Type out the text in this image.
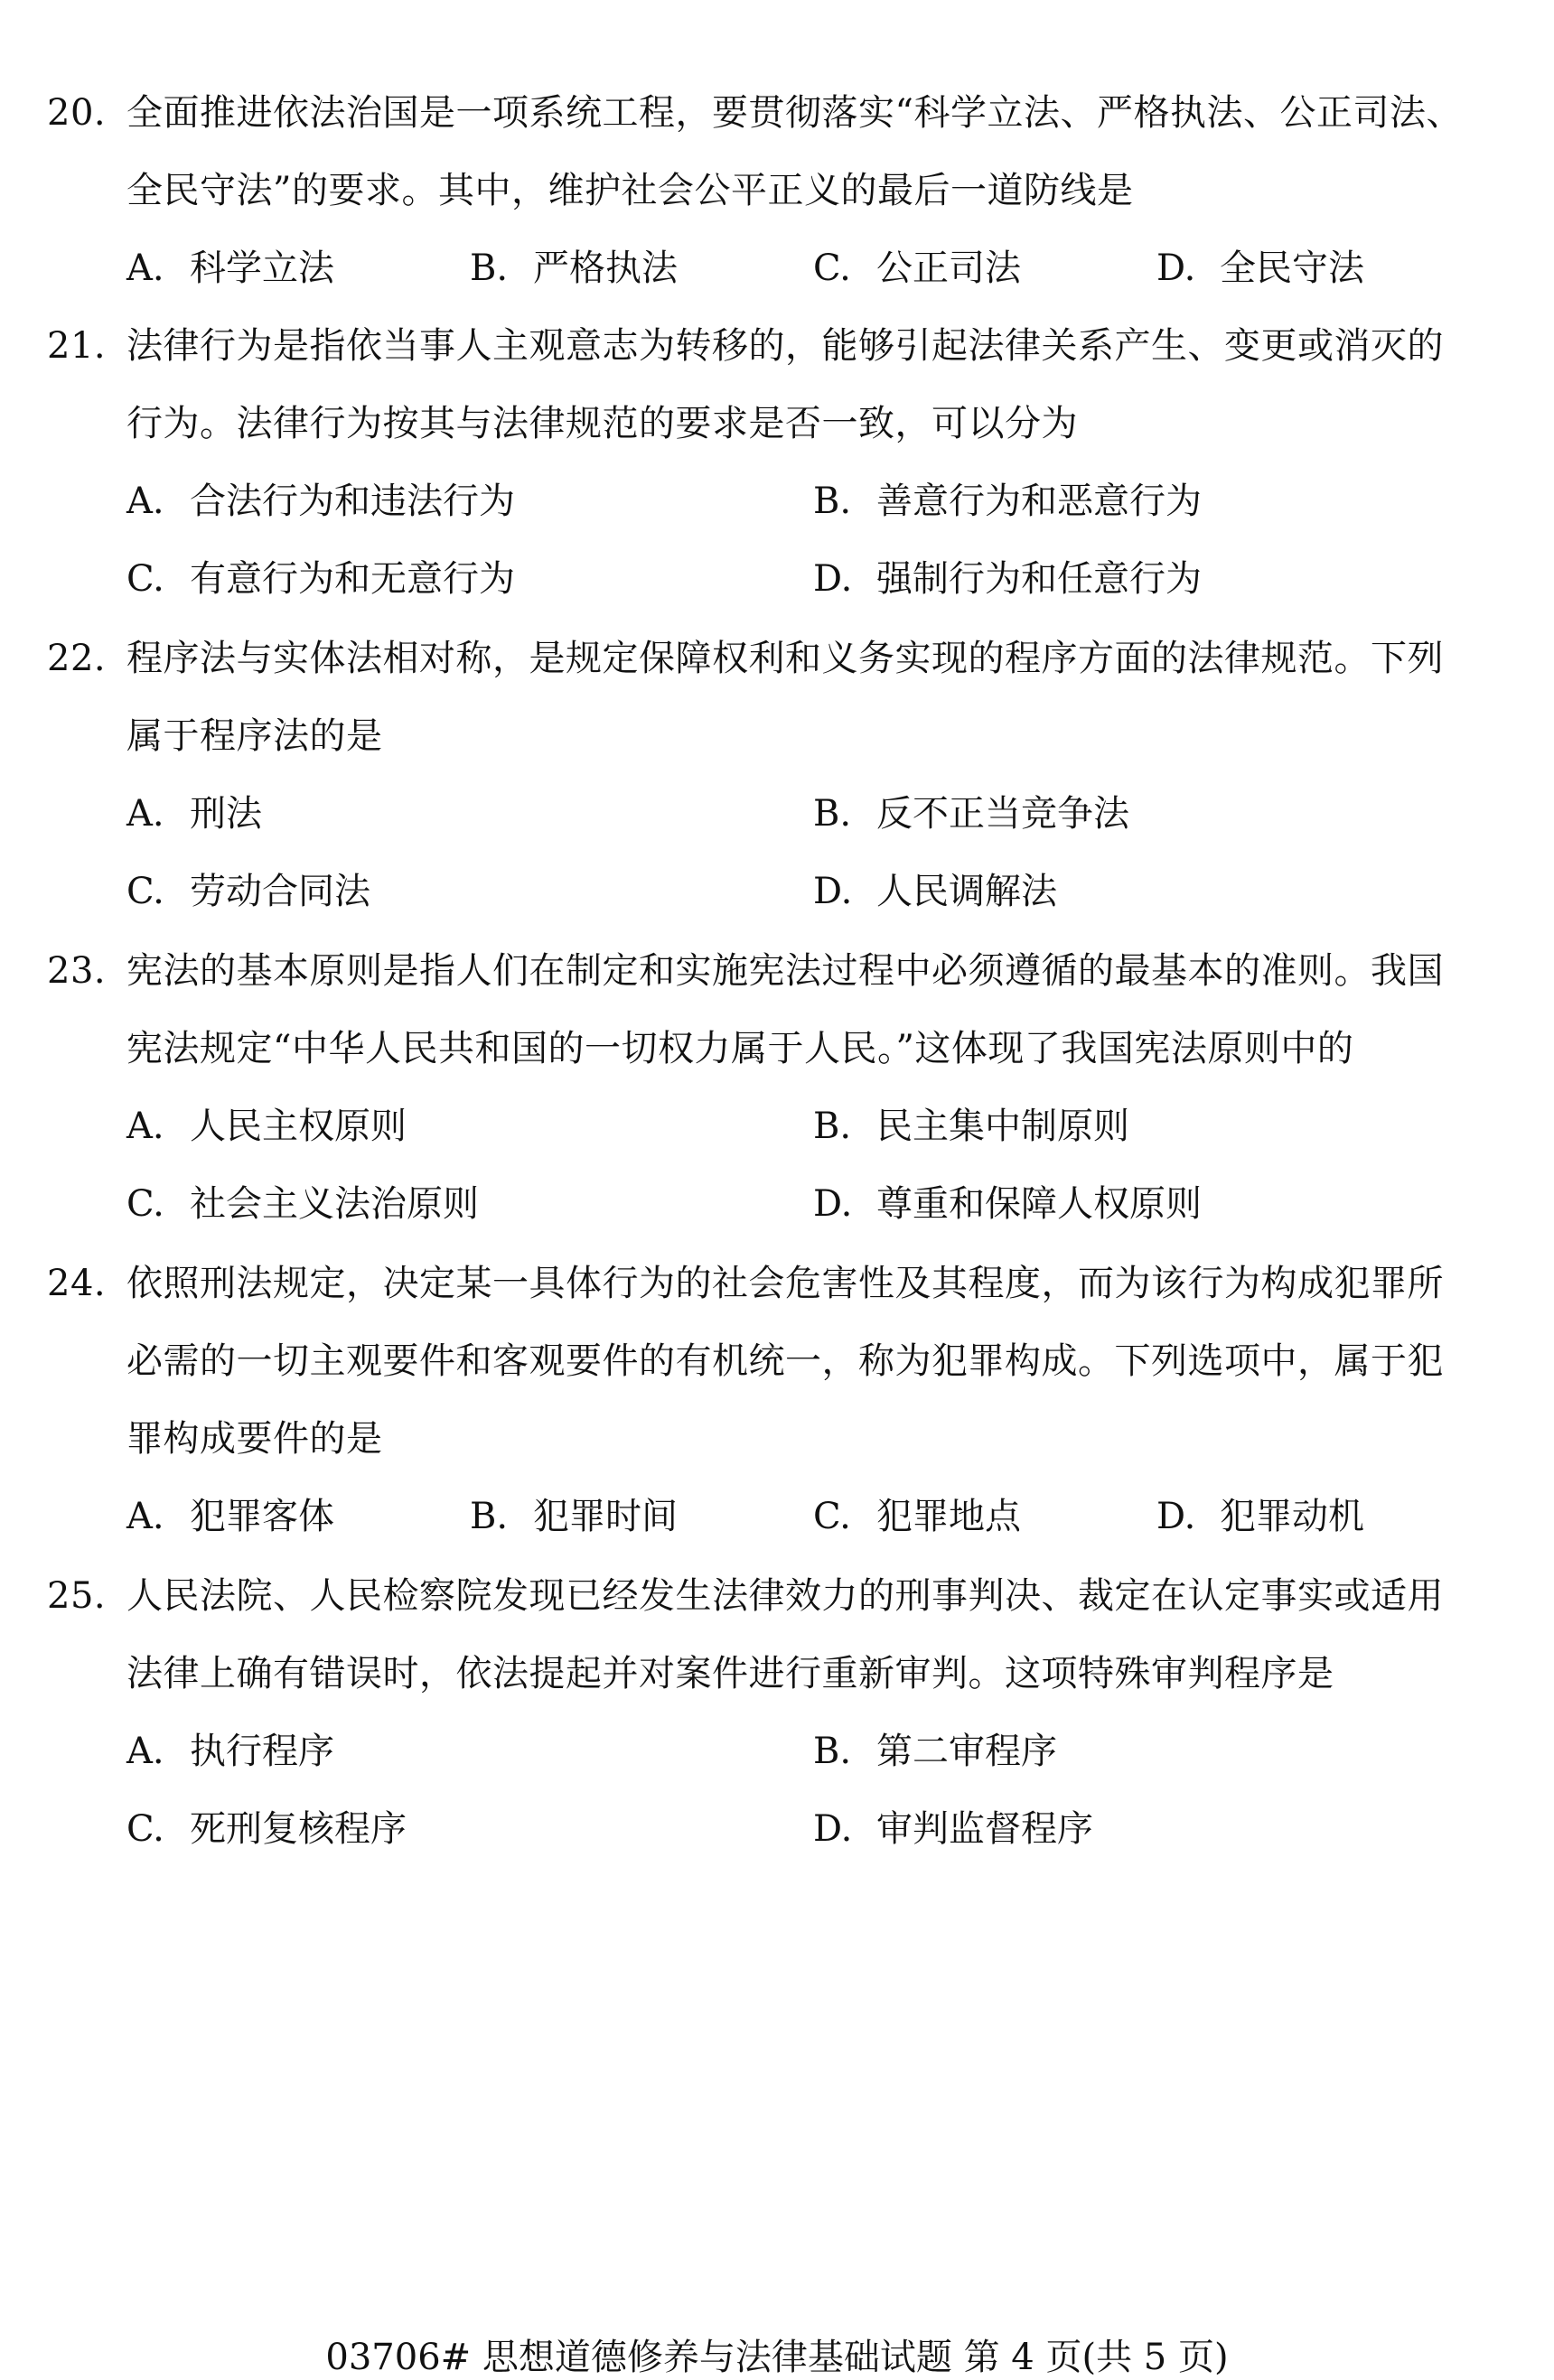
20. 全面推进依法治国是一项系统工程，要贯彻落实“科学立法、严格执法、公正司法、
全民守法”的要求。其中，维护社会公平正义的最后一道防线是
A. 科学立法	B. 严格执法	C. 公正司法	D. 全民守法
21. 法律行为是指依当事人主观意志为转移的，能够引起法律关系产生、变更或消灭的
行为。法律行为按其与法律规范的要求是否一致，可以分为
A. 合法行为和违法行为	B. 善意行为和恶意行为
C. 有意行为和无意行为	D. 强制行为和任意行为
22. 程序法与实体法相对称，是规定保障权利和义务实现的程序方面的法律规范。下列
属于程序法的是
A. 刑法	B. 反不正当竞争法
C. 劳动合同法	D. 人民调解法
23. 宪法的基本原则是指人们在制定和实施宪法过程中必须遵循的最基本的准则。我国
宪法规定“中华人民共和国的一切权力属于人民。”这体现了我国宪法原则中的
A. 人民主权原则	B. 民主集中制原则
C. 社会主义法治原则	D. 尊重和保障人权原则
24. 依照刑法规定，决定某一具体行为的社会危害性及其程度，而为该行为构成犯罪所
必需的一切主观要件和客观要件的有机统一，称为犯罪构成。下列选项中，属于犯
罪构成要件的是
A. 犯罪客体	B. 犯罪时间	C. 犯罪地点	D. 犯罪动机
25. 人民法院、人民检察院发现已经发生法律效力的刑事判决、裁定在认定事实或适用
法律上确有错误时，依法提起并对案件进行重新审判。这项特殊审判程序是
A. 执行程序	B. 第二审程序
C. 死刑复核程序	D. 审判监督程序
03706# 思想道德修养与法律基础试题 第 4 页(共 5 页)
